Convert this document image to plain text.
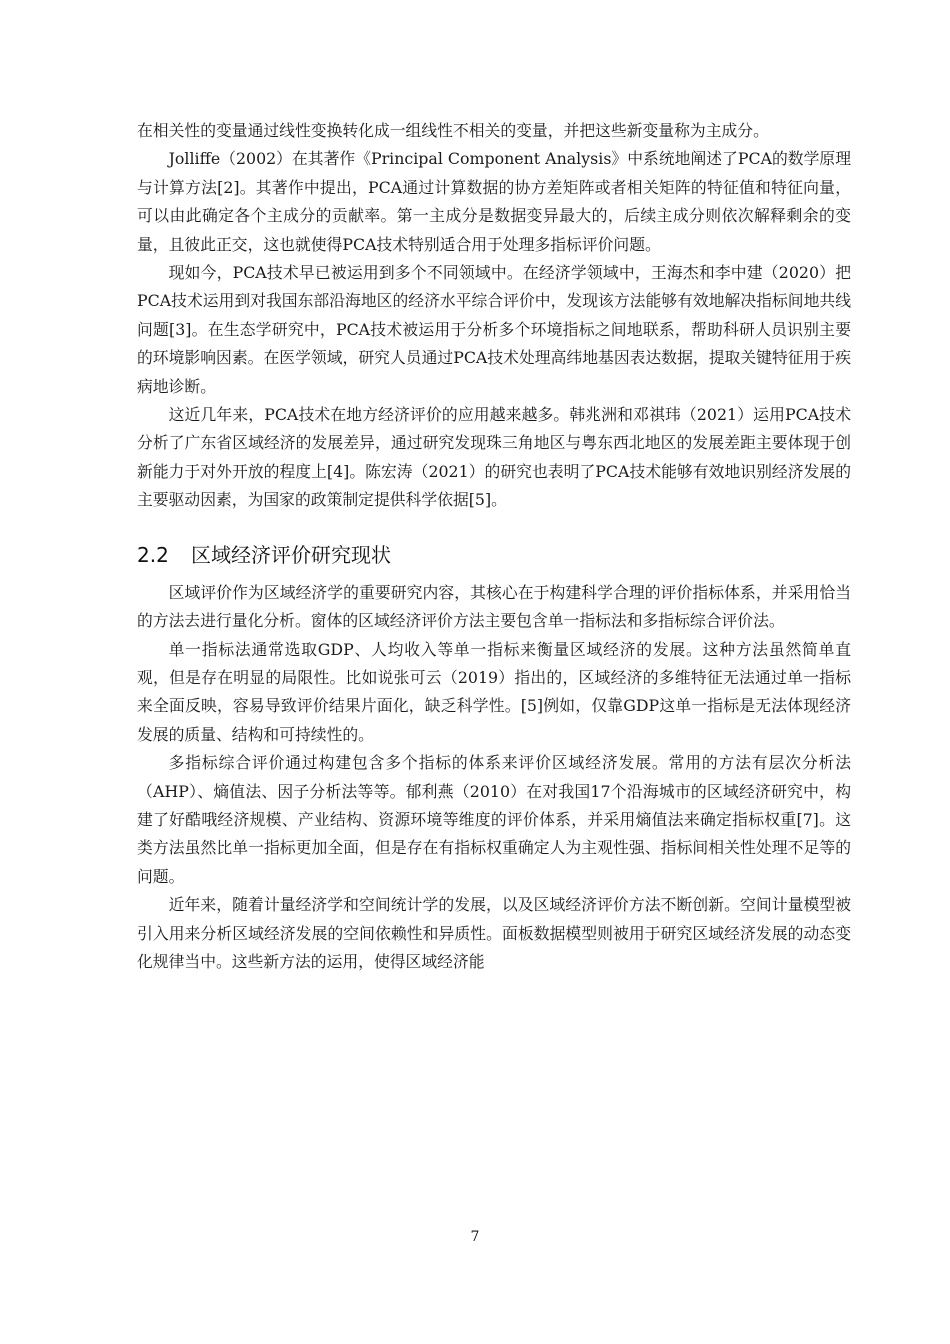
在相关性的变量通过线性变换转化成一组线性不相关的变量，并把这些新变量称为主成分。

Jolliffe（2002）在其著作《Principal Component Analysis》中系统地阐述了PCA的数学原理与计算方法[2]。其著作中提出，PCA通过计算数据的协方差矩阵或者相关矩阵的特征值和特征向量，可以由此确定各个主成分的贡献率。第一主成分是数据变异最大的，后续主成分则依次解释剩余的变量，且彼此正交，这也就使得PCA技术特别适合用于处理多指标评价问题。

现如今，PCA技术早已被运用到多个不同领域中。在经济学领域中，王海杰和李中建（2020）把PCA技术运用到对我国东部沿海地区的经济水平综合评价中，发现该方法能够有效地解决指标间地共线问题[3]。在生态学研究中，PCA技术被运用于分析多个环境指标之间地联系，帮助科研人员识别主要的环境影响因素。在医学领域，研究人员通过PCA技术处理高纬地基因表达数据，提取关键特征用于疾病地诊断。

这近几年来，PCA技术在地方经济评价的应用越来越多。韩兆洲和邓祺玮（2021）运用PCA技术分析了广东省区域经济的发展差异，通过研究发现珠三角地区与粤东西北地区的发展差距主要体现于创新能力于对外开放的程度上[4]。陈宏涛（2021）的研究也表明了PCA技术能够有效地识别经济发展的主要驱动因素，为国家的政策制定提供科学依据[5]。

2.2 区域经济评价研究现状

区域评价作为区域经济学的重要研究内容，其核心在于构建科学合理的评价指标体系，并采用恰当的方法去进行量化分析。窗体的区域经济评价方法主要包含单一指标法和多指标综合评价法。

单一指标法通常选取GDP、人均收入等单一指标来衡量区域经济的发展。这种方法虽然简单直观，但是存在明显的局限性。比如说张可云（2019）指出的，区域经济的多维特征无法通过单一指标来全面反映，容易导致评价结果片面化，缺乏科学性。[5]例如，仅靠GDP这单一指标是无法体现经济发展的质量、结构和可持续性的。

多指标综合评价通过构建包含多个指标的体系来评价区域经济发展。常用的方法有层次分析法（AHP）、熵值法、因子分析法等等。郁利燕（2010）在对我国17个沿海城市的区域经济研究中，构建了好酷哦经济规模、产业结构、资源环境等维度的评价体系，并采用熵值法来确定指标权重[7]。这类方法虽然比单一指标更加全面，但是存在有指标权重确定人为主观性强、指标间相关性处理不足等的问题。

近年来，随着计量经济学和空间统计学的发展，以及区域经济评价方法不断创新。空间计量模型被引入用来分析区域经济发展的空间依赖性和异质性。面板数据模型则被用于研究区域经济发展的动态变化规律当中。这些新方法的运用，使得区域经济能

7
